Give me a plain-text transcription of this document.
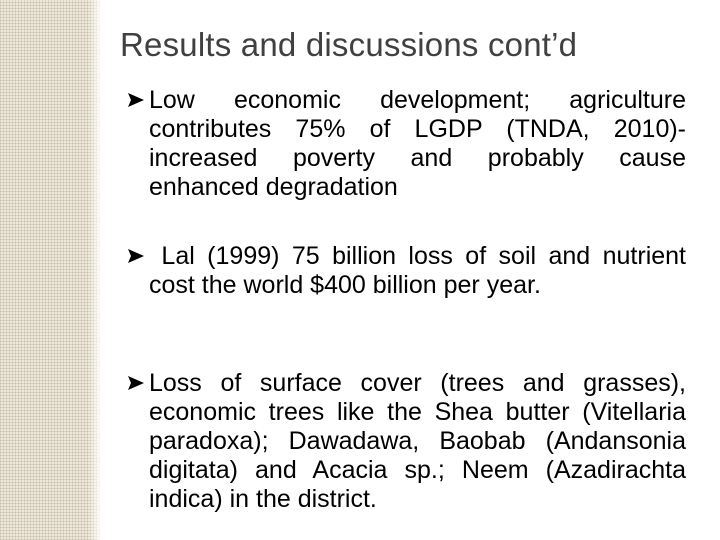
Results and discussions cont’d
Low economic development; agriculture contributes 75% of LGDP (TNDA, 2010)- increased poverty and probably cause enhanced degradation
Lal (1999) 75 billion loss of soil and nutrient cost the world $400 billion per year.
Loss of surface cover (trees and grasses), economic trees like the Shea butter (Vitellaria paradoxa); Dawadawa, Baobab (Andansonia digitata) and Acacia sp.; Neem (Azadirachta indica) in the district.
